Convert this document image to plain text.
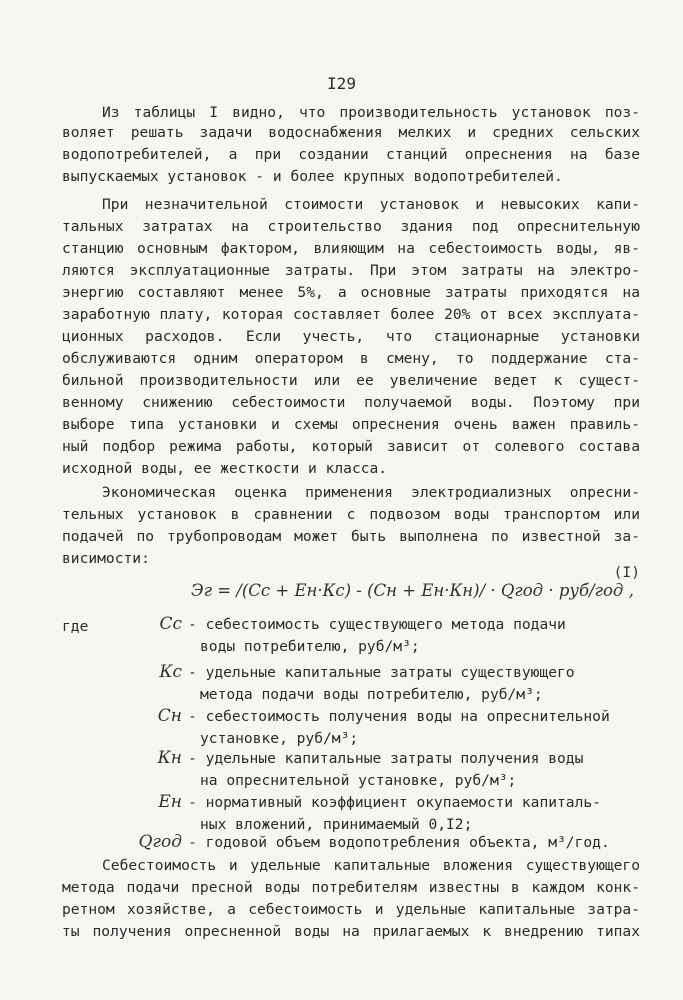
I29
Из таблицы I видно, что производительность установок поз-
воляет решать задачи водоснабжения мелких и средних сельских
водопотребителей, а при создании станций опреснения на базе
выпускаемых установок - и более крупных водопотребителей.
При незначительной стоимости установок и невысоких капи-
тальных затратах на строительство здания под опреснительную
станцию основным фактором, влияющим на себестоимость воды, яв-
ляются эксплуатационные затраты. При этом затраты на электро-
энергию составляют менее 5%, а основные затраты приходятся на
заработную плату, которая составляет более 20% от всех эксплуата-
ционных расходов. Если учесть, что стационарные установки
обслуживаются одним оператором в смену, то поддержание ста-
бильной производительности или ее увеличение ведет к сущест-
венному снижению себестоимости получаемой воды. Поэтому при
выборе типа установки и схемы опреснения очень важен правиль-
ный подбор режима работы, который зависит от солевого состава
исходной воды, ее жесткости и класса.
Экономическая оценка применения электродиализных опресни-
тельных установок в сравнении с подвозом воды транспортом или
подачей по трубопроводам может быть выполнена по известной за-
висимости:

Эг = /(Сс + Ен·Кс) - (Сн + Ен·Кн)/ · Qгод · руб/год ,

(I)

где	Сс - себестоимость существующего метода подачи
воды потребителю, руб/м³;
Кс - удельные капитальные затраты существующего
метода подачи воды потребителю, руб/м³;
Сн - себестоимость получения воды на опреснительной
установке, руб/м³;
Кн - удельные капитальные затраты получения воды
на опреснительной установке, руб/м³;
Ен - нормативный коэффициент окупаемости капиталь-
ных вложений, принимаемый 0,I2;
Qгод - годовой объем водопотребления объекта, м³/год.
Себестоимость и удельные капитальные вложения существующего
метода подачи пресной воды потребителям известны в каждом конк-
ретном хозяйстве, а себестоимость и удельные капитальные затра-
ты получения опресненной воды на прилагаемых к внедрению типах
